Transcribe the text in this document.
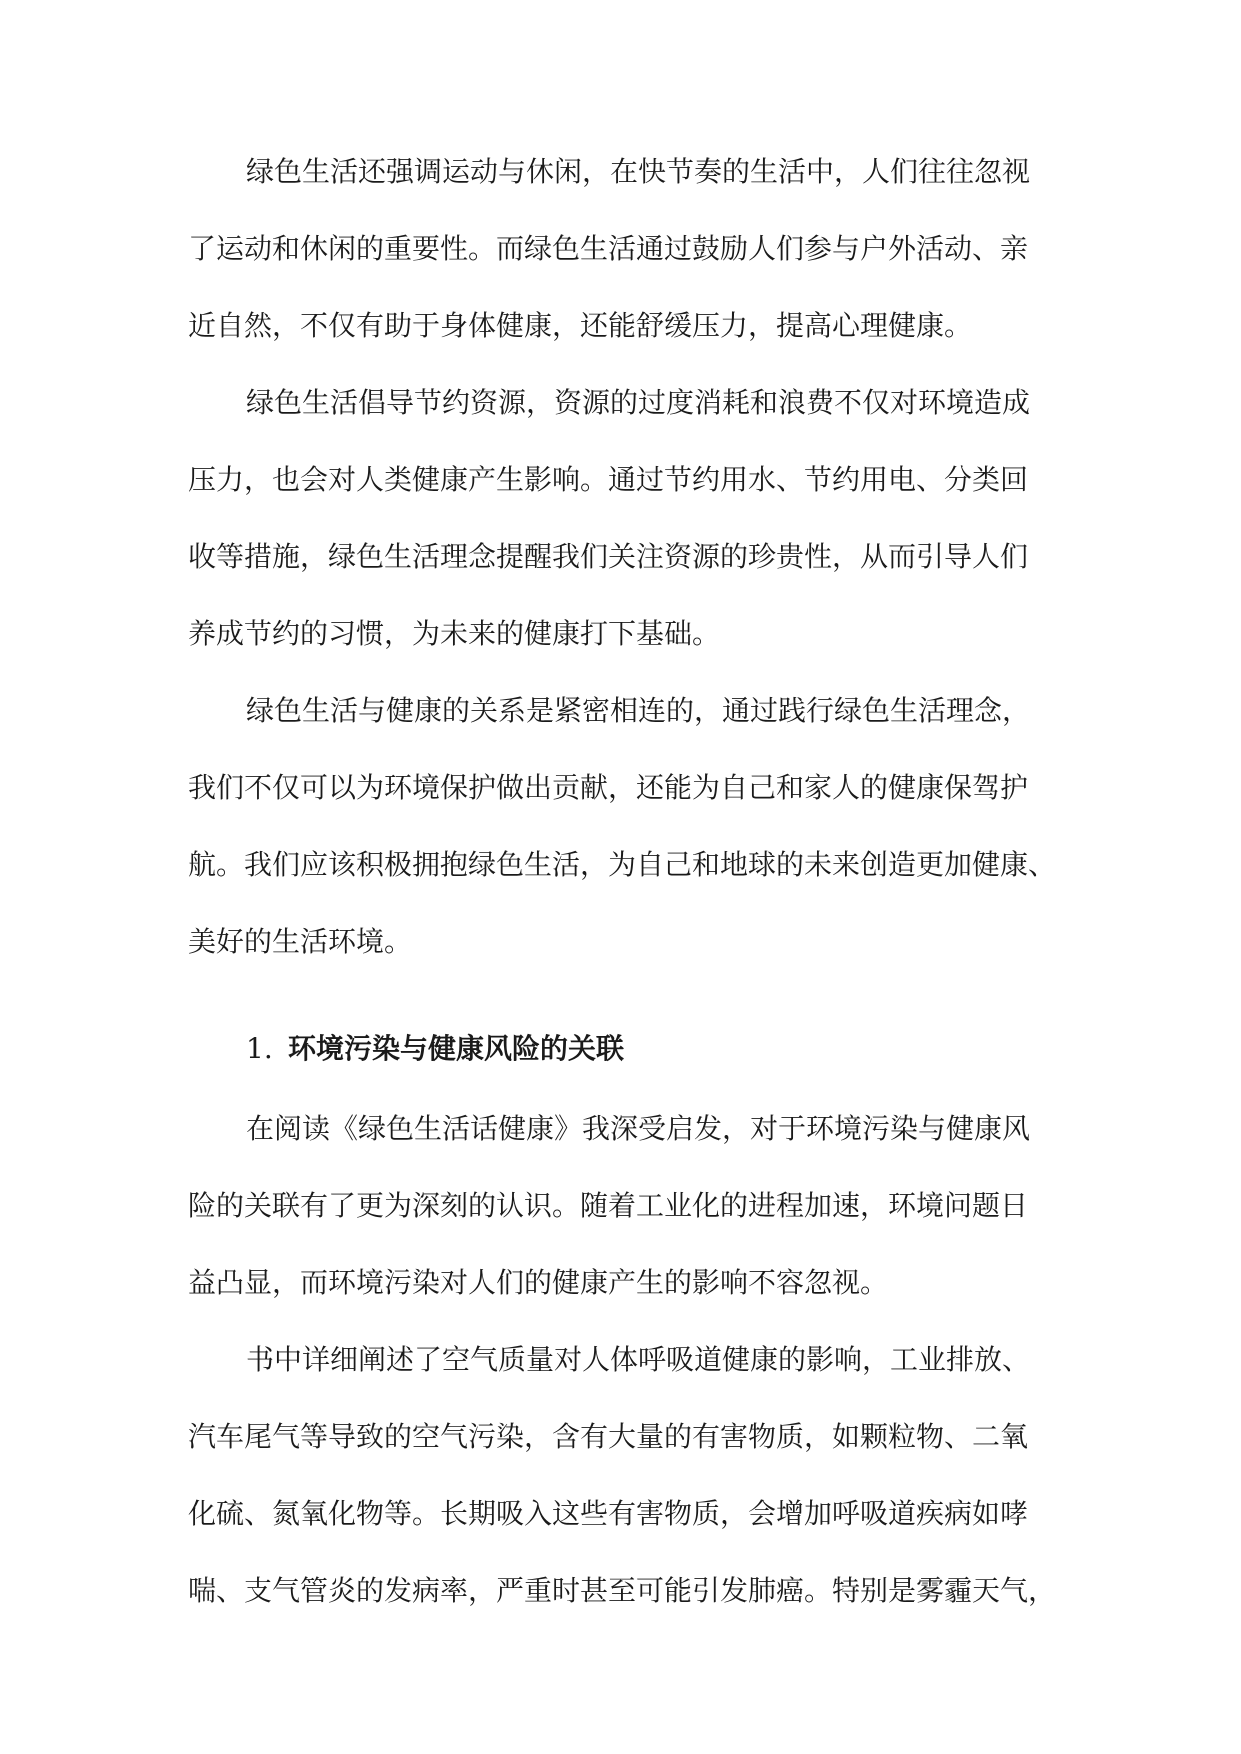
绿色生活还强调运动与休闲，在快节奏的生活中，人们往往忽视
了运动和休闲的重要性。而绿色生活通过鼓励人们参与户外活动、亲
近自然，不仅有助于身体健康，还能舒缓压力，提高心理健康。
绿色生活倡导节约资源，资源的过度消耗和浪费不仅对环境造成
压力，也会对人类健康产生影响。通过节约用水、节约用电、分类回
收等措施，绿色生活理念提醒我们关注资源的珍贵性，从而引导人们
养成节约的习惯，为未来的健康打下基础。
绿色生活与健康的关系是紧密相连的，通过践行绿色生活理念，
我们不仅可以为环境保护做出贡献，还能为自己和家人的健康保驾护
航。我们应该积极拥抱绿色生活，为自己和地球的未来创造更加健康、
美好的生活环境。
1. 环境污染与健康风险的关联
在阅读《绿色生活话健康》我深受启发，对于环境污染与健康风
险的关联有了更为深刻的认识。随着工业化的进程加速，环境问题日
益凸显，而环境污染对人们的健康产生的影响不容忽视。
书中详细阐述了空气质量对人体呼吸道健康的影响，工业排放、
汽车尾气等导致的空气污染，含有大量的有害物质，如颗粒物、二氧
化硫、氮氧化物等。长期吸入这些有害物质，会增加呼吸道疾病如哮
喘、支气管炎的发病率，严重时甚至可能引发肺癌。特别是雾霾天气，
